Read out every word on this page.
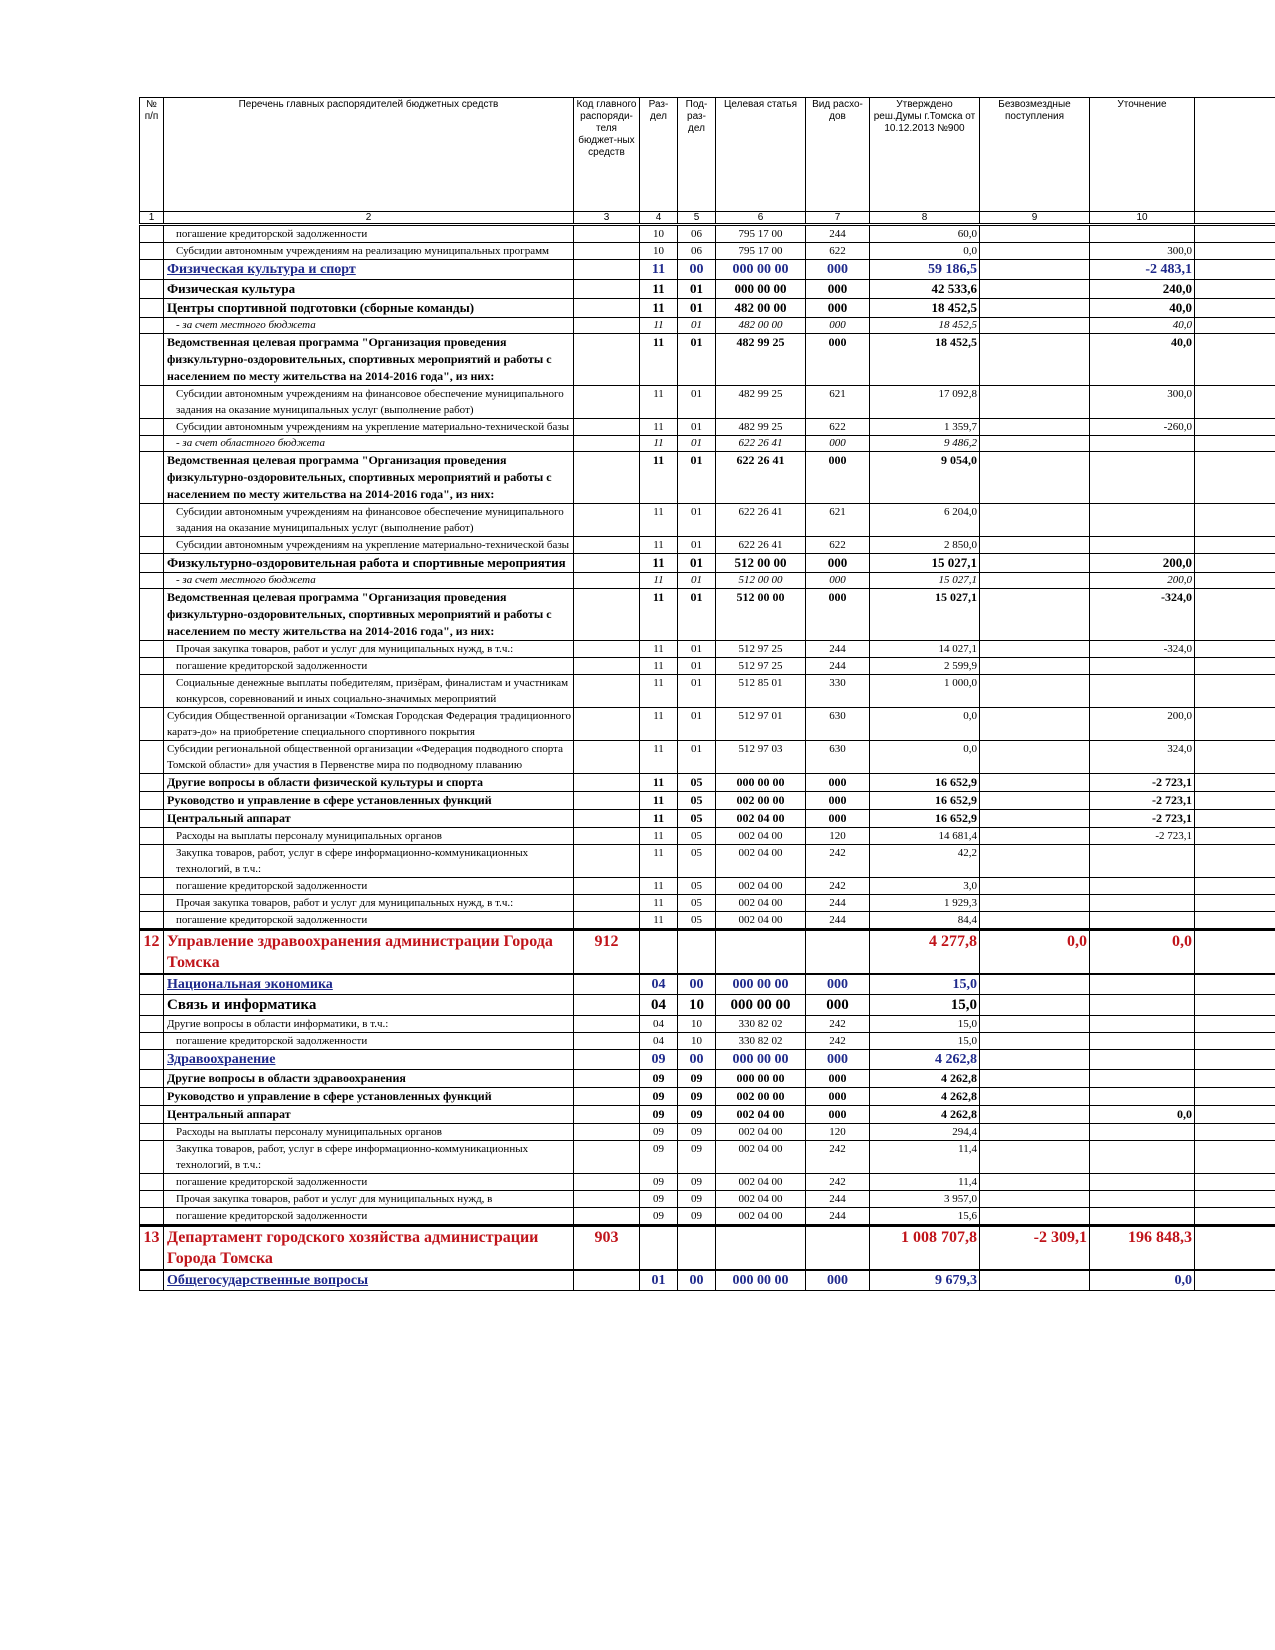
№ п/п	Перечень главных распорядителей бюджетных средств	Код главного распоряди-теля бюджет-ных средств	Раз-дел	Под-раз-дел	Целевая статья	Вид расхо-дов	Утверждено реш.Думы г.Томска от 10.12.2013 №900	Безвозмездные поступления	Уточнение	
1	2	3	4	5	6	7	8	9	10	
	погашение кредиторской задолженности		10	06	795 17 00	244	60,0			
	Субсидии автономным учреждениям на реализацию муниципальных программ		10	06	795 17 00	622	0,0		300,0	
	Физическая культура и спорт		11	00	000 00 00	000	59 186,5		-2 483,1	
	Физическая культура		11	01	000 00 00	000	42 533,6		240,0	
	Центры спортивной подготовки (сборные команды)		11	01	482 00 00	000	18 452,5		40,0	
	- за счет местного бюджета		11	01	482 00 00	000	18 452,5		40,0	
	Ведомственная целевая программа "Организация проведения физкультурно-оздоровительных, спортивных мероприятий и работы с населением по месту жительства на 2014-2016 года", из них:		11	01	482 99 25	000	18 452,5		40,0	
	Субсидии автономным учреждениям на финансовое обеспечение муниципального задания на оказание муниципальных услуг (выполнение работ)		11	01	482 99 25	621	17 092,8		300,0	
	Субсидии автономным учреждениям на укрепление материально-технической базы		11	01	482 99 25	622	1 359,7		-260,0	
	- за счет областного бюджета		11	01	622 26 41	000	9 486,2			
	Ведомственная целевая программа "Организация проведения физкультурно-оздоровительных, спортивных мероприятий и работы с населением по месту жительства на 2014-2016 года", из них:		11	01	622 26 41	000	9 054,0			
	Субсидии автономным учреждениям на финансовое обеспечение муниципального задания на оказание муниципальных услуг (выполнение работ)		11	01	622 26 41	621	6 204,0			
	Субсидии автономным учреждениям на укрепление материально-технической базы		11	01	622 26 41	622	2 850,0			
	Физкультурно-оздоровительная работа и спортивные мероприятия		11	01	512 00 00	000	15 027,1		200,0	
	- за счет местного бюджета		11	01	512 00 00	000	15 027,1		200,0	
	Ведомственная целевая программа "Организация проведения физкультурно-оздоровительных, спортивных мероприятий и работы с населением по месту жительства на 2014-2016 года", из них:		11	01	512 00 00	000	15 027,1		-324,0	
	Прочая закупка товаров, работ и услуг для муниципальных нужд, в т.ч.:		11	01	512 97 25	244	14 027,1		-324,0	
	погашение кредиторской задолженности		11	01	512 97 25	244	2 599,9			
	Социальные денежные выплаты победителям, призёрам, финалистам и участникам конкурсов, соревнований и иных социально-значимых мероприятий		11	01	512 85 01	330	1 000,0			
	Субсидия Общественной организации «Томская Городская Федерация традиционного каратэ-до» на приобретение специального спортивного покрытия		11	01	512 97 01	630	0,0		200,0	
	Субсидии региональной общественной организации «Федерация подводного спорта Томской области» для участия в Первенстве мира по подводному плаванию		11	01	512 97 03	630	0,0		324,0	
	Другие вопросы в области физической культуры и спорта		11	05	000 00 00	000	16 652,9		-2 723,1	
	Руководство и управление в сфере установленных функций		11	05	002 00 00	000	16 652,9		-2 723,1	
	Центральный аппарат		11	05	002 04 00	000	16 652,9		-2 723,1	
	Расходы на выплаты персоналу муниципальных органов		11	05	002 04 00	120	14 681,4		-2 723,1	
	Закупка товаров, работ, услуг в сфере информационно-коммуникационных технологий, в т.ч.:		11	05	002 04 00	242	42,2			
	погашение кредиторской задолженности		11	05	002 04 00	242	3,0			
	Прочая закупка товаров, работ и услуг для муниципальных нужд, в т.ч.:		11	05	002 04 00	244	1 929,3			
	погашение кредиторской задолженности		11	05	002 04 00	244	84,4			
12	Управление здравоохранения администрации Города Томска	912					4 277,8	0,0	0,0	
	Национальная экономика		04	00	000 00 00	000	15,0			
	Связь и информатика		04	10	000 00 00	000	15,0			
	Другие вопросы в области информатики, в т.ч.:		04	10	330 82 02	242	15,0			
	погашение кредиторской задолженности		04	10	330 82 02	242	15,0			
	Здравоохранение		09	00	000 00 00	000	4 262,8			
	Другие вопросы в области здравоохранения		09	09	000 00 00	000	4 262,8			
	Руководство и управление в сфере установленных функций		09	09	002 00 00	000	4 262,8			
	Центральный аппарат		09	09	002 04 00	000	4 262,8		0,0	
	Расходы на выплаты персоналу муниципальных органов		09	09	002 04 00	120	294,4			
	Закупка товаров, работ, услуг в сфере информационно-коммуникационных технологий, в т.ч.:		09	09	002 04 00	242	11,4			
	погашение кредиторской задолженности		09	09	002 04 00	242	11,4			
	Прочая закупка товаров, работ и услуг для муниципальных нужд, в		09	09	002 04 00	244	3 957,0			
	погашение кредиторской задолженности		09	09	002 04 00	244	15,6			
13	Департамент городского хозяйства администрации Города Томска	903					1 008 707,8	-2 309,1	196 848,3	
	Общегосударственные вопросы		01	00	000 00 00	000	9 679,3		0,0	
